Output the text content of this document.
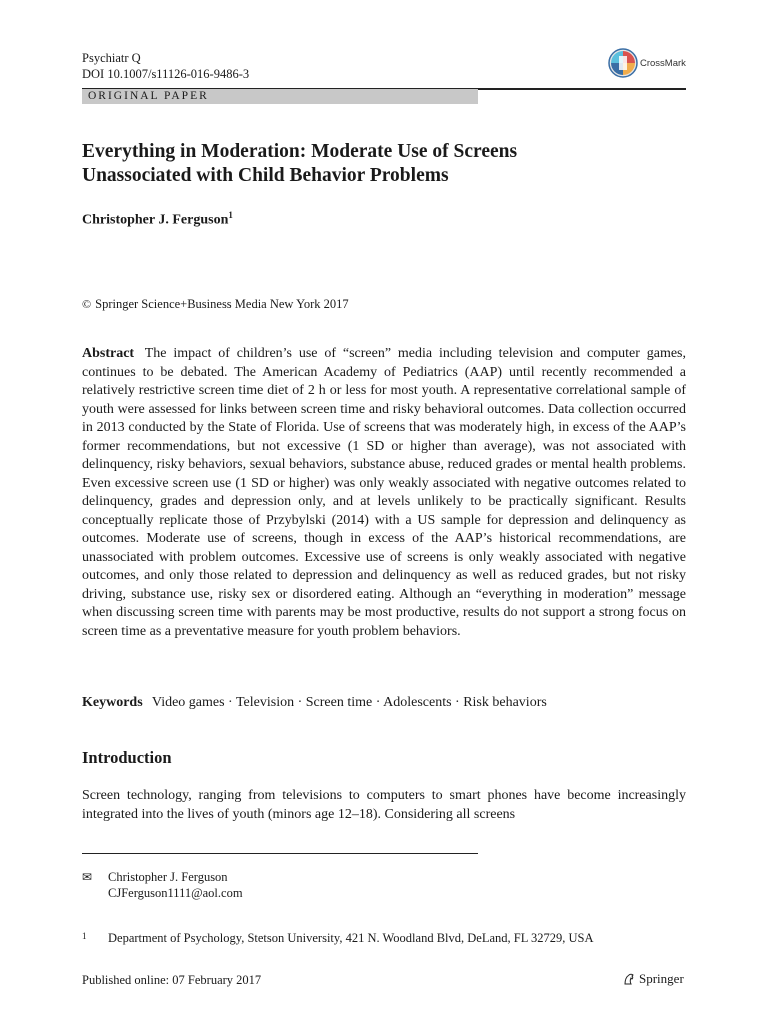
Psychiatr Q
DOI 10.1007/s11126-016-9486-3
CrossMark
ORIGINAL PAPER
Everything in Moderation: Moderate Use of Screens
Unassociated with Child Behavior Problems
Christopher J. Ferguson$^1$
© Springer Science+Business Media New York 2017
Abstract The impact of children’s use of “screen” media including television and computer games, continues to be debated. The American Academy of Pediatrics (AAP) until recently recommended a relatively restrictive screen time diet of 2 h or less for most youth. A representative correlational sample of youth were assessed for links between screen time and risky behavioral outcomes. Data collection occurred in 2013 conducted by the State of Florida. Use of screens that was moderately high, in excess of the AAP’s former recommendations, but not excessive (1 SD or higher than average), was not associated with delinquency, risky behaviors, sexual behaviors, substance abuse, reduced grades or mental health problems. Even excessive screen use (1 SD or higher) was only weakly associated with negative outcomes related to delinquency, grades and depression only, and at levels unlikely to be practically significant. Results conceptually replicate those of Przybylski (2014) with a US sample for depression and delinquency as outcomes. Moderate use of screens, though in excess of the AAP’s historical recommendations, are unassociated with problem outcomes. Excessive use of screens is only weakly associated with negative outcomes, and only those related to depression and delinquency as well as reduced grades, but not risky driving, substance use, risky sex or disordered eating. Although an “everything in moderation” message when discussing screen time with parents may be most productive, results do not support a strong focus on screen time as a preventative measure for youth problem behaviors.
Keywords Video games · Television · Screen time · Adolescents · Risk behaviors
Introduction

Screen technology, ranging from televisions to computers to smart phones have become increasingly integrated into the lives of youth (minors age 12–18). Considering all screens

✉	Christopher J. Ferguson
CJFerguson1111@aol.com
1	Department of Psychology, Stetson University, 421 N. Woodland Blvd, DeLand, FL 32729, USA
Published online: 07 February 2017	Springer
